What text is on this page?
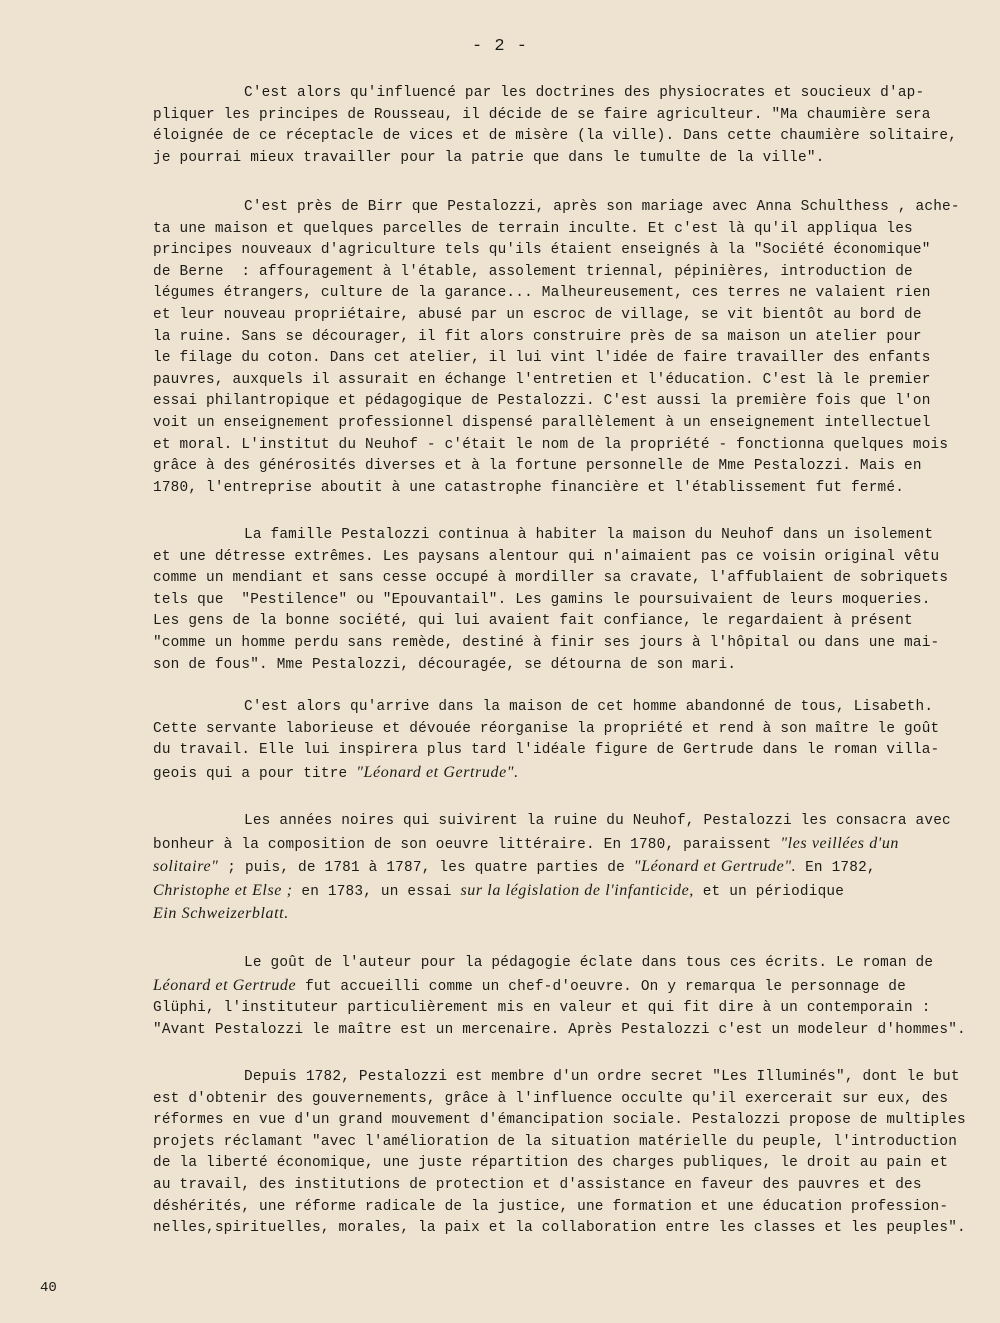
- 2 -
C'est alors qu'influencé par les doctrines des physiocrates et soucieux d'ap-
pliquer les principes de Rousseau, il décide de se faire agriculteur. "Ma chaumière sera
éloignée de ce réceptacle de vices et de misère (la ville). Dans cette chaumière solitaire,
je pourrai mieux travailler pour la patrie que dans le tumulte de la ville".
C'est près de Birr que Pestalozzi, après son mariage avec Anna Schulthess , ache-
ta une maison et quelques parcelles de terrain inculte. Et c'est là qu'il appliqua les
principes nouveaux d'agriculture tels qu'ils étaient enseignés à la "Société économique"
de Berne  : affouragement à l'étable, assolement triennal, pépinières, introduction de
légumes étrangers, culture de la garance... Malheureusement, ces terres ne valaient rien
et leur nouveau propriétaire, abusé par un escroc de village, se vit bientôt au bord de
la ruine. Sans se décourager, il fit alors construire près de sa maison un atelier pour
le filage du coton. Dans cet atelier, il lui vint l'idée de faire travailler des enfants
pauvres, auxquels il assurait en échange l'entretien et l'éducation. C'est là le premier
essai philantropique et pédagogique de Pestalozzi. C'est aussi la première fois que l'on
voit un enseignement professionnel dispensé parallèlement à un enseignement intellectuel
et moral. L'institut du Neuhof - c'était le nom de la propriété - fonctionna quelques mois
grâce à des générosités diverses et à la fortune personnelle de Mme Pestalozzi. Mais en
1780, l'entreprise aboutit à une catastrophe financière et l'établissement fut fermé.
La famille Pestalozzi continua à habiter la maison du Neuhof dans un isolement
et une détresse extrêmes. Les paysans alentour qui n'aimaient pas ce voisin original vêtu
comme un mendiant et sans cesse occupé à mordiller sa cravate, l'affublaient de sobriquets
tels que  "Pestilence" ou "Epouvantail". Les gamins le poursuivaient de leurs moqueries.
Les gens de la bonne société, qui lui avaient fait confiance, le regardaient à présent
"comme un homme perdu sans remède, destiné à finir ses jours à l'hôpital ou dans une mai-
son de fous". Mme Pestalozzi, découragée, se détourna de son mari.
C'est alors qu'arrive dans la maison de cet homme abandonné de tous, Lisabeth.
Cette servante laborieuse et dévouée réorganise la propriété et rend à son maître le goût
du travail. Elle lui inspirera plus tard l'idéale figure de Gertrude dans le roman villa-
geois qui a pour titre "Léonard et Gertrude".
Les années noires qui suivirent la ruine du Neuhof, Pestalozzi les consacra avec
bonheur à la composition de son oeuvre littéraire. En 1780, paraissent "les veillées d'un
solitaire" ; puis, de 1781 à 1787, les quatre parties de "Léonard et Gertrude". En 1782,
Christophe et Else ; en 1783, un essai sur la législation de l'infanticide, et un périodique
Ein Schweizerblatt.
Le goût de l'auteur pour la pédagogie éclate dans tous ces écrits. Le roman de
Léonard et Gertrude fut accueilli comme un chef-d'oeuvre. On y remarqua le personnage de
Glüphi, l'instituteur particulièrement mis en valeur et qui fit dire à un contemporain :
"Avant Pestalozzi le maître est un mercenaire. Après Pestalozzi c'est un modeleur d'hommes".
Depuis 1782, Pestalozzi est membre d'un ordre secret "Les Illuminés", dont le but
est d'obtenir des gouvernements, grâce à l'influence occulte qu'il exercerait sur eux, des
réformes en vue d'un grand mouvement d'émancipation sociale. Pestalozzi propose de multiples
projets réclamant "avec l'amélioration de la situation matérielle du peuple, l'introduction
de la liberté économique, une juste répartition des charges publiques, le droit au pain et
au travail, des institutions de protection et d'assistance en faveur des pauvres et des
déshérités, une réforme radicale de la justice, une formation et une éducation profession-
nelles,spirituelles, morales, la paix et la collaboration entre les classes et les peuples".
40
